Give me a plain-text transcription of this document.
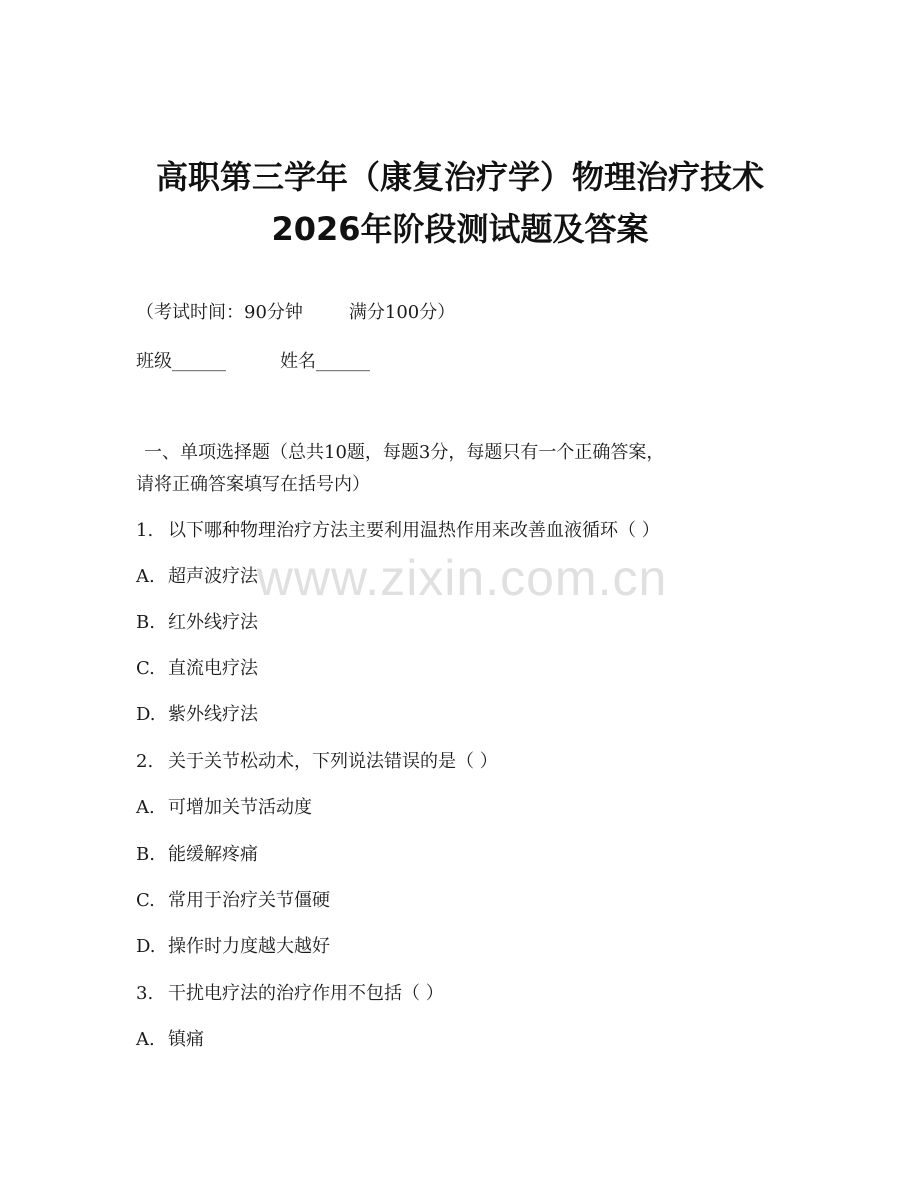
高职第三学年（康复治疗学）物理治疗技术
2026年阶段测试题及答案
（考试时间：90分钟	满分100分）
班级______	姓名______
一、单项选择题（总共10题，每题3分，每题只有一个正确答案，
请将正确答案填写在括号内）
www.zixin.com.cn
1. 以下哪种物理治疗方法主要利用温热作用来改善血液循环（ ）
A. 超声波疗法
B. 红外线疗法
C. 直流电疗法
D. 紫外线疗法
2. 关于关节松动术，下列说法错误的是（ ）
A. 可增加关节活动度
B. 能缓解疼痛
C. 常用于治疗关节僵硬
D. 操作时力度越大越好
3. 干扰电疗法的治疗作用不包括（ ）
A. 镇痛
